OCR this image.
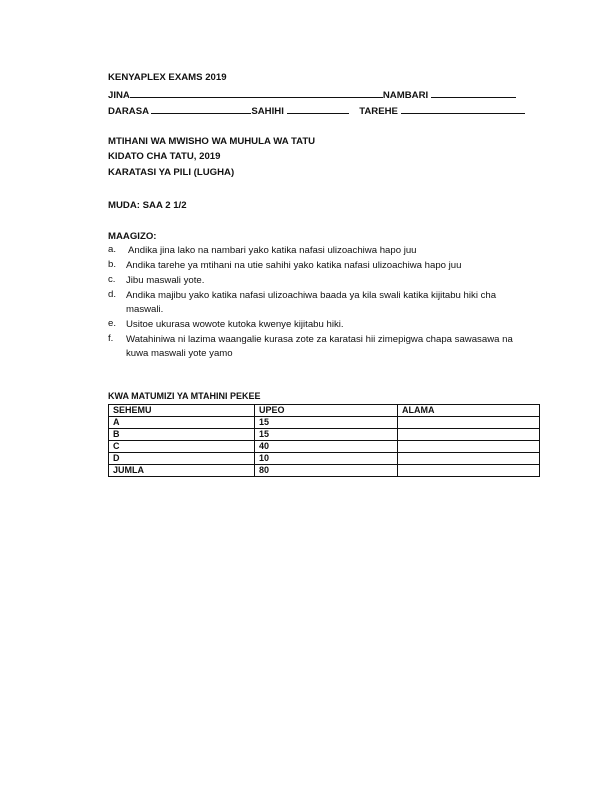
KENYAPLEX EXAMS 2019
JINA	NAMBARI
DARASA	SAHIHI	TAREHE
MTIHANI WA MWISHO WA MUHULA WA TATU
KIDATO CHA TATU, 2019
KARATASI YA PILI (LUGHA)
MUDA: SAA 2 1/2
MAAGIZO:
a. Andika jina lako na nambari yako katika nafasi ulizoachiwa hapo juu
b. Andika tarehe ya mtihani na utie sahihi yako katika nafasi ulizoachiwa hapo juu
c. Jibu maswali yote.
d. Andika majibu yako katika nafasi ulizoachiwa baada ya kila swali katika kijitabu hiki cha maswali.
e. Usitoe ukurasa wowote kutoka kwenye kijitabu hiki.
f. Watahiniwa ni lazima waangalie kurasa zote za karatasi hii zimepigwa chapa sawasawa na kuwa maswali yote yamo
KWA MATUMIZI YA MTAHINI PEKEE
SEHEMU	UPEO	ALAMA
A	15	
B	15	
C	40	
D	10	
JUMLA	80	
